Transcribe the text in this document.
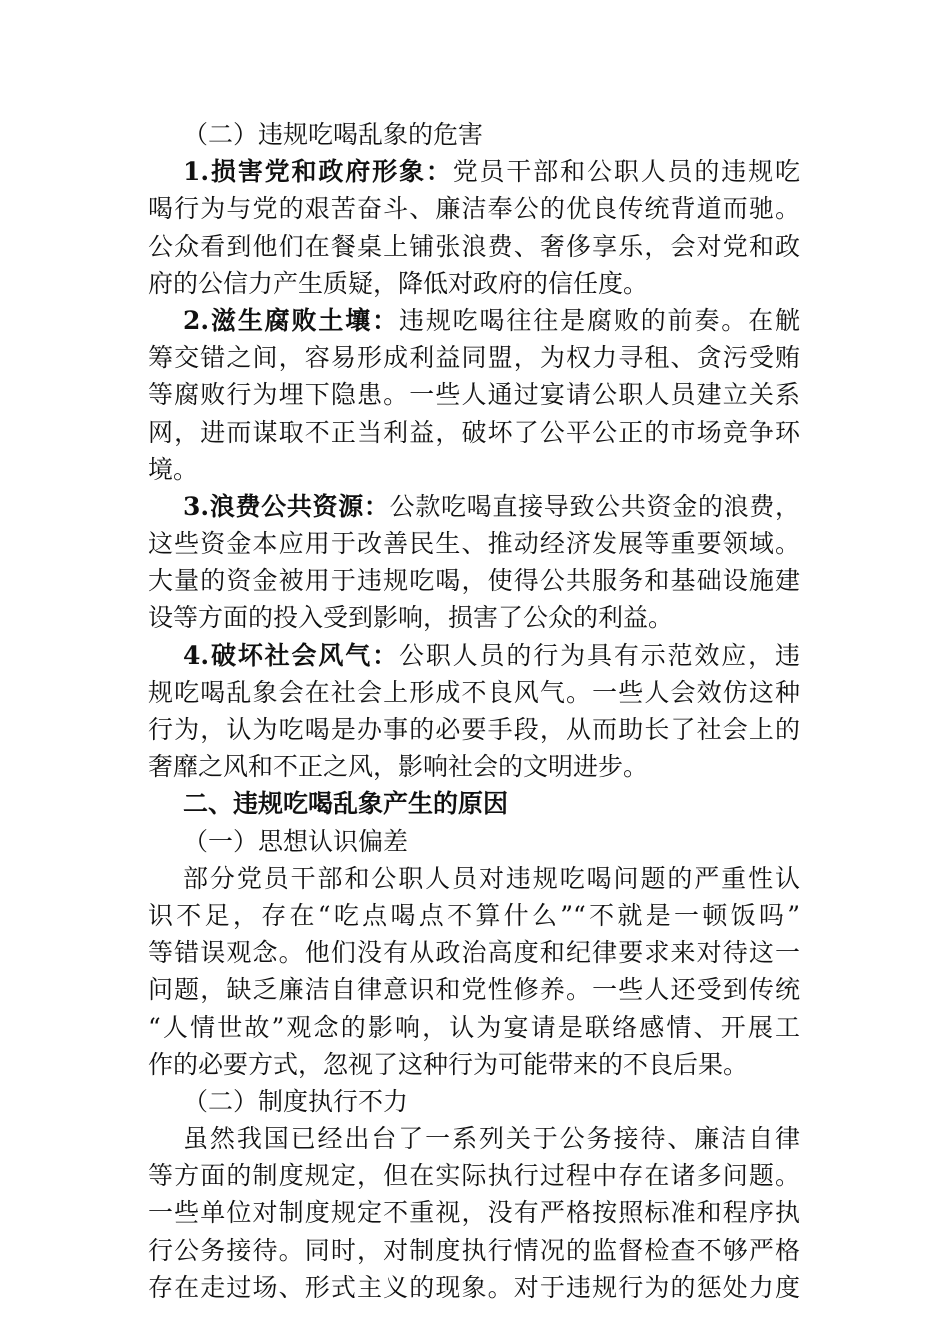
（二）违规吃喝乱象的危害
1.损害党和政府形象：党员干部和公职人员的违规吃
喝行为与党的艰苦奋斗、廉洁奉公的优良传统背道而驰。
公众看到他们在餐桌上铺张浪费、奢侈享乐，会对党和政
府的公信力产生质疑，降低对政府的信任度。
2.滋生腐败土壤：违规吃喝往往是腐败的前奏。在觥
筹交错之间，容易形成利益同盟，为权力寻租、贪污受贿
等腐败行为埋下隐患。一些人通过宴请公职人员建立关系
网，进而谋取不正当利益，破坏了公平公正的市场竞争环
境。
3.浪费公共资源：公款吃喝直接导致公共资金的浪费，
这些资金本应用于改善民生、推动经济发展等重要领域。
大量的资金被用于违规吃喝，使得公共服务和基础设施建
设等方面的投入受到影响，损害了公众的利益。
4.破坏社会风气：公职人员的行为具有示范效应，违
规吃喝乱象会在社会上形成不良风气。一些人会效仿这种
行为，认为吃喝是办事的必要手段，从而助长了社会上的
奢靡之风和不正之风，影响社会的文明进步。
二、违规吃喝乱象产生的原因
（一）思想认识偏差
部分党员干部和公职人员对违规吃喝问题的严重性认
识不足，存在“吃点喝点不算什么”“不就是一顿饭吗”
等错误观念。他们没有从政治高度和纪律要求来对待这一
问题，缺乏廉洁自律意识和党性修养。一些人还受到传统
“人情世故”观念的影响，认为宴请是联络感情、开展工
作的必要方式，忽视了这种行为可能带来的不良后果。
（二）制度执行不力
虽然我国已经出台了一系列关于公务接待、廉洁自律
等方面的制度规定，但在实际执行过程中存在诸多问题。
一些单位对制度规定不重视，没有严格按照标准和程序执
行公务接待。同时，对制度执行情况的监督检查不够严格
存在走过场、形式主义的现象。对于违规行为的惩处力度
